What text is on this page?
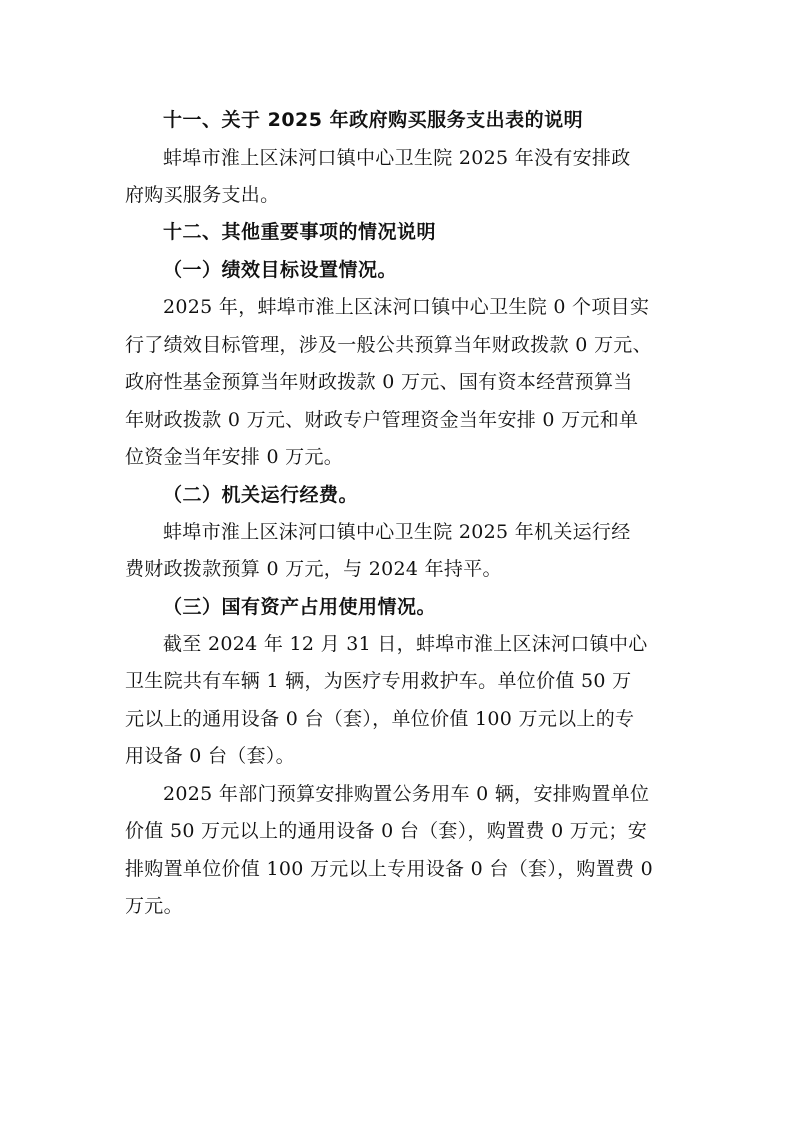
十一、关于 2025 年政府购买服务支出表的说明
蚌埠市淮上区沫河口镇中心卫生院 2025 年没有安排政
府购买服务支出。
十二、其他重要事项的情况说明
（一）绩效目标设置情况。
2025 年，蚌埠市淮上区沫河口镇中心卫生院 0 个项目实
行了绩效目标管理，涉及一般公共预算当年财政拨款 0 万元、
政府性基金预算当年财政拨款 0 万元、国有资本经营预算当
年财政拨款 0 万元、财政专户管理资金当年安排 0 万元和单
位资金当年安排 0 万元。
（二）机关运行经费。
蚌埠市淮上区沫河口镇中心卫生院 2025 年机关运行经
费财政拨款预算 0 万元，与 2024 年持平。
（三）国有资产占用使用情况。
截至 2024 年 12 月 31 日，蚌埠市淮上区沫河口镇中心
卫生院共有车辆 1 辆，为医疗专用救护车。单位价值 50 万
元以上的通用设备 0 台（套），单位价值 100 万元以上的专
用设备 0 台（套）。
2025 年部门预算安排购置公务用车 0 辆，安排购置单位
价值 50 万元以上的通用设备 0 台（套），购置费 0 万元；安
排购置单位价值 100 万元以上专用设备 0 台（套），购置费 0
万元。
